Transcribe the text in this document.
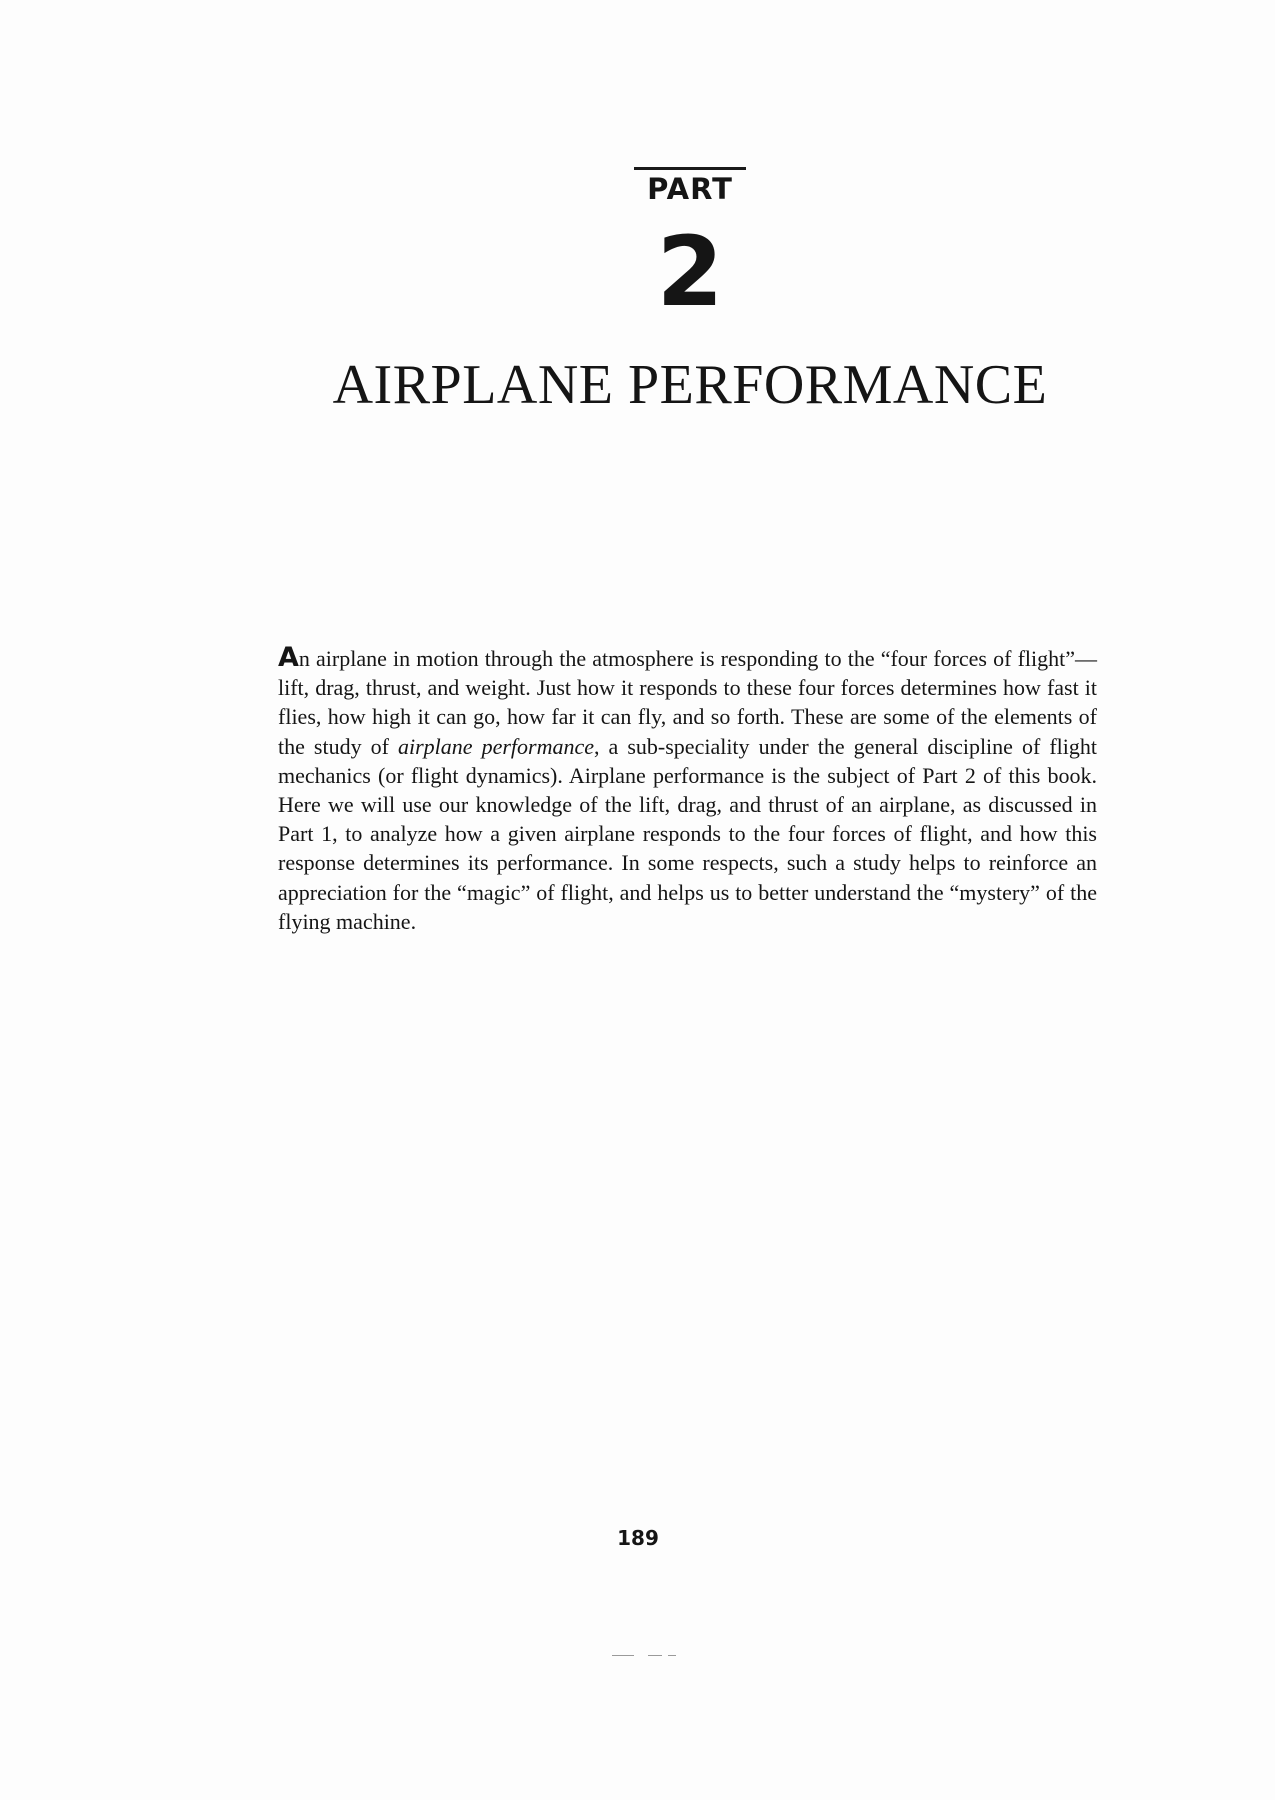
PART
2
AIRPLANE PERFORMANCE

An airplane in motion through the atmosphere is responding to the “four forces of flight”—lift, drag, thrust, and weight. Just how it responds to these four forces determines how fast it flies, how high it can go, how far it can fly, and so forth. These are some of the elements of the study of airplane performance, a sub-speciality under the general discipline of flight mechanics (or flight dynamics). Airplane performance is the subject of Part 2 of this book. Here we will use our knowledge of the lift, drag, and thrust of an airplane, as discussed in Part 1, to analyze how a given airplane responds to the four forces of flight, and how this response determines its performance. In some respects, such a study helps to reinforce an appreciation for the “magic” of flight, and helps us to better understand the “mystery” of the flying machine.

189
